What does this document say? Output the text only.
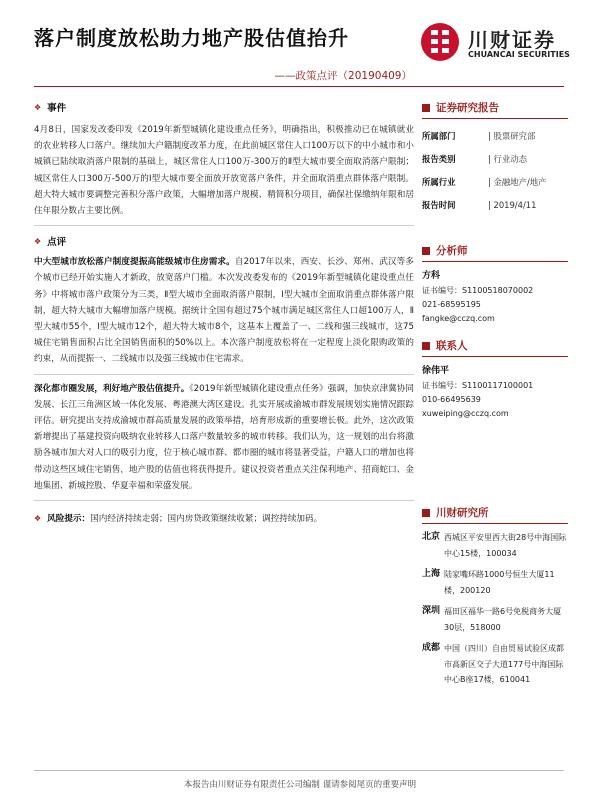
落户制度放松助力地产股估值抬升
——政策点评（20190409）
川财证券
CHUANCAI SECURITIES
❖ 事件
4月8日，国家发改委印发《2019年新型城镇化建设重点任务》，明确指出，积极推动已在城镇就业的农业转移人口落户。继续加大户籍制度改革力度，在此前城区常住人口100万以下的中小城市和小城镇已陆续取消落户限制的基础上，城区常住人口100万-300万的Ⅱ型大城市要全面取消落户限制；城区常住人口300万-500万的Ⅰ型大城市要全面放开放宽落户条件，并全面取消重点群体落户限制。超大特大城市要调整完善积分落户政策，大幅增加落户规模、精简积分项目，确保社保缴纳年限和居住年限分数占主要比例。
❖ 点评
中大型城市放松落户制度提振高能级城市住房需求。自2017年以来，西安、长沙、郑州、武汉等多个城市已经开始实施人才新政，放宽落户门槛。本次发改委发布的《2019年新型城镇化建设重点任务》中将城市落户政策分为三类，Ⅱ型大城市全面取消落户限制，Ⅰ型大城市全面取消重点群体落户限制，超大特大城市大幅增加落户规模。据统计全国有超过75个城市满足城区常住人口超100万人，Ⅱ型大城市55个，Ⅰ型大城市12个，超大特大城市8个，这基本上覆盖了一、二线和强三线城市，这75城住宅销售面积占比全国销售面积的50%以上。本次落户制度放松将在一定程度上淡化限购政策的约束，从而提振一、二线城市以及强三线城市住宅需求。
深化都市圈发展，利好地产股估值提升。《2019年新型城镇化建设重点任务》强调，加快京津冀协同发展、长江三角洲区域一体化发展、粤港澳大湾区建设。扎实开展成渝城市群发展规划实施情况跟踪评估。研究提出支持成渝城市群高质量发展的政策举措，培育形成新的重要增长极。此外，这次政策新增提出了基建投资向吸纳农业转移人口落户数量较多的城市转移。我们认为，这一规划的出台将激励各城市加大对人口的吸引力度，位于核心城市群、都市圈的城市将显著受益，户籍人口的增加也将带动这些区域住宅销售，地产股的估值也将获得提升。建议投资者重点关注保利地产、招商蛇口、金地集团、新城控股、华夏幸福和荣盛发展。
❖ 风险提示：国内经济持续走弱；国内房贷政策继续收紧；调控持续加码。
证券研究报告
所属部门	| 股票研究部
报告类别	| 行业动态
所属行业	| 金融地产/地产
报告时间	| 2019/4/11
分析师
方科
证书编号：S1100518070002
021-68595195
fangke@cczq.com
联系人
徐伟平
证书编号：S1100117100001
010-66495639
xuweiping@cczq.com
川财研究所
北京 西城区平安里西大街28号中海国际中心15楼，100034
上海 陆家嘴环路1000号恒生大厦11楼，200120
深圳 福田区福华一路6号免税商务大厦30层，518000
成都 中国（四川）自由贸易试验区成都市高新区交子大道177号中海国际中心B座17楼，610041
本报告由川财证券有限责任公司编制 谨请参阅尾页的重要声明
